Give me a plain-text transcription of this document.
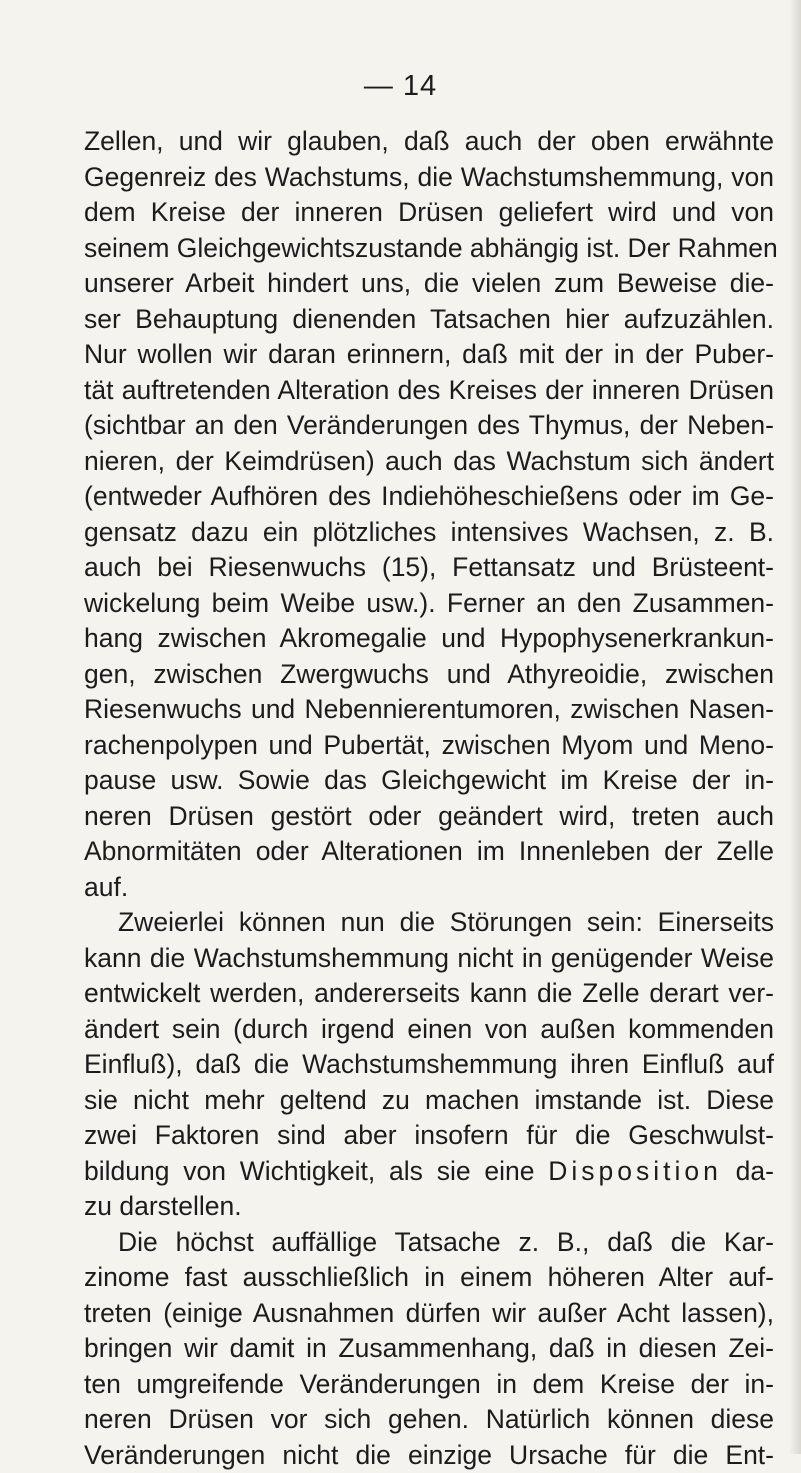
— 14
Zellen, und wir glauben, daß auch der oben erwähnte
Gegenreiz des Wachstums, die Wachstumshemmung, von
dem Kreise der inneren Drüsen geliefert wird und von
seinem Gleichgewichtszustande abhängig ist. Der Rahmen
unserer Arbeit hindert uns, die vielen zum Beweise die-
ser Behauptung dienenden Tatsachen hier aufzuzählen.
Nur wollen wir daran erinnern, daß mit der in der Puber-
tät auftretenden Alteration des Kreises der inneren Drüsen
(sichtbar an den Veränderungen des Thymus, der Neben-
nieren, der Keimdrüsen) auch das Wachstum sich ändert
(entweder Aufhören des Indiehöheschießens oder im Ge-
gensatz dazu ein plötzliches intensives Wachsen, z. B.
auch bei Riesenwuchs (15), Fettansatz und Brüsteent-
wickelung beim Weibe usw.). Ferner an den Zusammen-
hang zwischen Akromegalie und Hypophysenerkrankun-
gen, zwischen Zwergwuchs und Athyreoidie, zwischen
Riesenwuchs und Nebennierentumoren, zwischen Nasen-
rachenpolypen und Pubertät, zwischen Myom und Meno-
pause usw. Sowie das Gleichgewicht im Kreise der in-
neren Drüsen gestört oder geändert wird, treten auch
Abnormitäten oder Alterationen im Innenleben der Zelle
auf.
Zweierlei können nun die Störungen sein: Einerseits
kann die Wachstumshemmung nicht in genügender Weise
entwickelt werden, andererseits kann die Zelle derart ver-
ändert sein (durch irgend einen von außen kommenden
Einfluß), daß die Wachstumshemmung ihren Einfluß auf
sie nicht mehr geltend zu machen imstande ist. Diese
zwei Faktoren sind aber insofern für die Geschwulst-
bildung von Wichtigkeit, als sie eine Disposition da-
zu darstellen.
Die höchst auffällige Tatsache z. B., daß die Kar-
zinome fast ausschließlich in einem höheren Alter auf-
treten (einige Ausnahmen dürfen wir außer Acht lassen),
bringen wir damit in Zusammenhang, daß in diesen Zei-
ten umgreifende Veränderungen in dem Kreise der in-
neren Drüsen vor sich gehen. Natürlich können diese
Veränderungen nicht die einzige Ursache für die Ent-
